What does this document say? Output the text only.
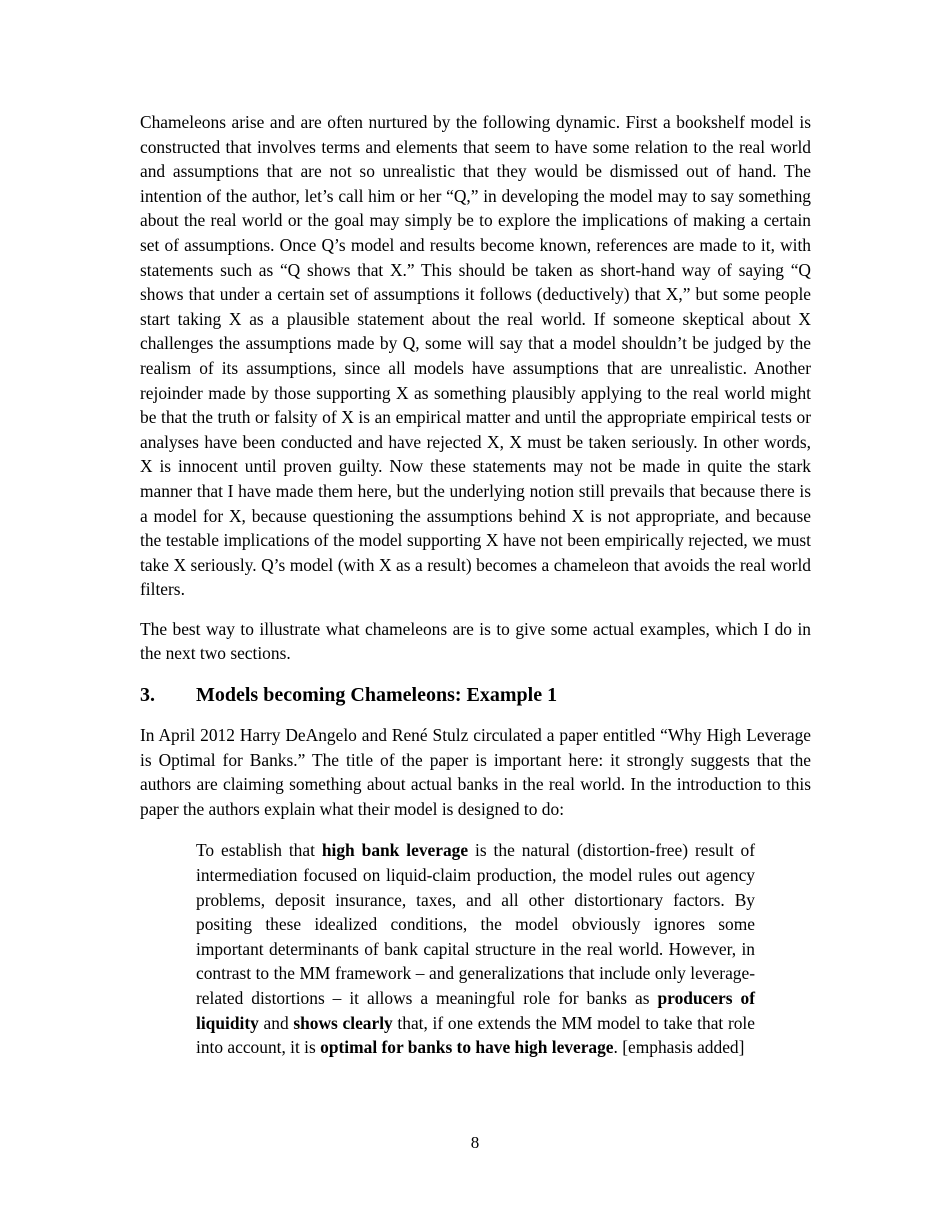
Chameleons arise and are often nurtured by the following dynamic. First a bookshelf model is constructed that involves terms and elements that seem to have some relation to the real world and assumptions that are not so unrealistic that they would be dismissed out of hand. The intention of the author, let’s call him or her “Q,” in developing the model may to say something about the real world or the goal may simply be to explore the implications of making a certain set of assumptions. Once Q’s model and results become known, references are made to it, with statements such as “Q shows that X.” This should be taken as short-hand way of saying “Q shows that under a certain set of assumptions it follows (deductively) that X,” but some people start taking X as a plausible statement about the real world. If someone skeptical about X challenges the assumptions made by Q, some will say that a model shouldn’t be judged by the realism of its assumptions, since all models have assumptions that are unrealistic. Another rejoinder made by those supporting X as something plausibly applying to the real world might be that the truth or falsity of X is an empirical matter and until the appropriate empirical tests or analyses have been conducted and have rejected X, X must be taken seriously. In other words, X is innocent until proven guilty. Now these statements may not be made in quite the stark manner that I have made them here, but the underlying notion still prevails that because there is a model for X, because questioning the assumptions behind X is not appropriate, and because the testable implications of the model supporting X have not been empirically rejected, we must take X seriously. Q’s model (with X as a result) becomes a chameleon that avoids the real world filters.

The best way to illustrate what chameleons are is to give some actual examples, which I do in the next two sections.

3.	Models becoming Chameleons: Example 1

In April 2012 Harry DeAngelo and René Stulz circulated a paper entitled “Why High Leverage is Optimal for Banks.” The title of the paper is important here: it strongly suggests that the authors are claiming something about actual banks in the real world. In the introduction to this paper the authors explain what their model is designed to do:

To establish that high bank leverage is the natural (distortion-free) result of intermediation focused on liquid-claim production, the model rules out agency problems, deposit insurance, taxes, and all other distortionary factors. By positing these idealized conditions, the model obviously ignores some important determinants of bank capital structure in the real world. However, in contrast to the MM framework – and generalizations that include only leverage-related distortions – it allows a meaningful role for banks as producers of liquidity and shows clearly that, if one extends the MM model to take that role into account, it is optimal for banks to have high leverage. [emphasis added]
8
